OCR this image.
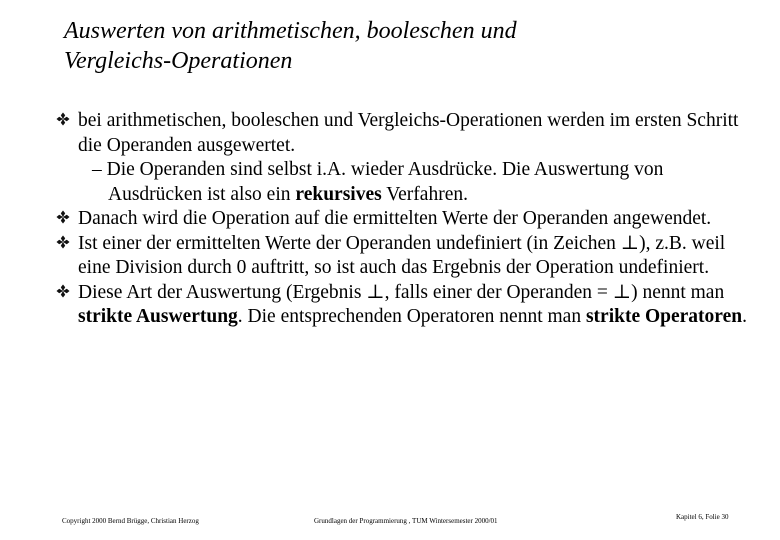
Auswerten von arithmetischen, booleschen und
Vergleichs-Operationen
bei arithmetischen, booleschen und Vergleichs-Operationen werden im ersten Schritt die Operanden ausgewertet.
– Die Operanden sind selbst i.A. wieder Ausdrücke. Die Auswertung von Ausdrücken ist also ein rekursives Verfahren.
Danach wird die Operation auf die ermittelten Werte der Operanden angewendet.
Ist einer der ermittelten Werte der Operanden undefiniert (in Zeichen ⊥), z.B. weil eine Division durch 0 auftritt, so ist auch das Ergebnis der Operation undefiniert.
Diese Art der Auswertung (Ergebnis ⊥, falls einer der Operanden = ⊥) nennt man strikte Auswertung. Die entsprechenden Operatoren nennt man strikte Operatoren.
Copyright 2000 Bernd Brügge, Christian Herzog	Grundlagen der Programmierung , TUM Wintersemester 2000/01	Kapitel 6, Folie 30
